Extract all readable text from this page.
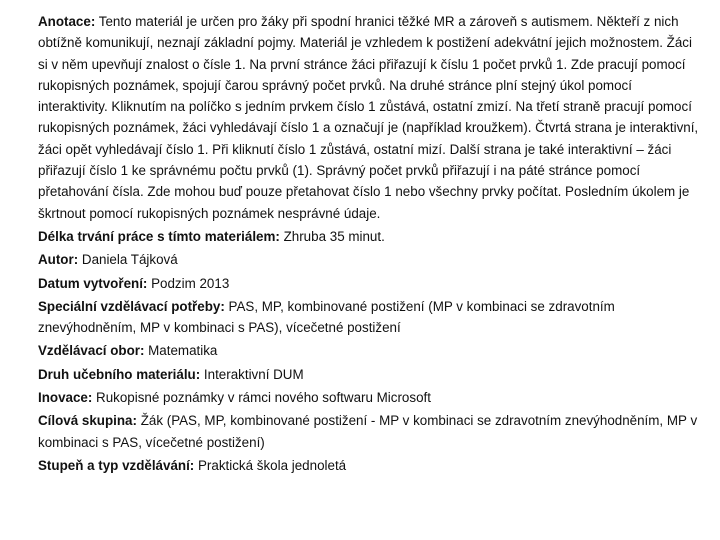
Anotace: Tento materiál je určen pro žáky při spodní hranici těžké MR a zároveň s autismem. Někteří z nich obtížně komunikují, neznají základní pojmy. Materiál je vzhledem k postižení adekvátní jejich možnostem. Žáci si v něm upevňují znalost o čísle 1. Na první stránce žáci přiřazují k číslu 1 počet prvků 1. Zde pracují pomocí rukopisných poznámek, spojují čarou správný počet prvků. Na druhé stránce plní stejný úkol pomocí interaktivity. Kliknutím na políčko s jedním prvkem číslo 1 zůstává, ostatní zmizí. Na třetí straně pracují pomocí rukopisných poznámek, žáci vyhledávají číslo 1 a označují je (například kroužkem). Čtvrtá strana je interaktivní, žáci opět vyhledávají číslo 1. Při kliknutí číslo 1 zůstává, ostatní mizí. Další strana je také interaktivní – žáci přiřazují číslo 1 ke správnému počtu prvků (1). Správný počet prvků přiřazují i na páté stránce pomocí přetahování čísla. Zde mohou buď pouze přetahovat číslo 1 nebo všechny prvky počítat. Posledním úkolem je škrtnout pomocí rukopisných poznámek nesprávné údaje.

Délka trvání práce s tímto materiálem: Zhruba 35 minut.

Autor: Daniela Tájková

Datum vytvoření: Podzim 2013

Speciální vzdělávací potřeby: PAS, MP, kombinované postižení (MP v kombinaci se zdravotním znevýhodněním, MP v kombinaci s PAS), vícečetné postižení

Vzdělávací obor: Matematika

Druh učebního materiálu: Interaktivní DUM

Inovace: Rukopisné poznámky v rámci nového softwaru Microsoft

Cílová skupina: Žák (PAS, MP, kombinované postižení - MP v kombinaci se zdravotním znevýhodněním, MP v kombinaci s PAS, vícečetné postižení)

Stupeň a typ vzdělávání: Praktická škola jednoletá
